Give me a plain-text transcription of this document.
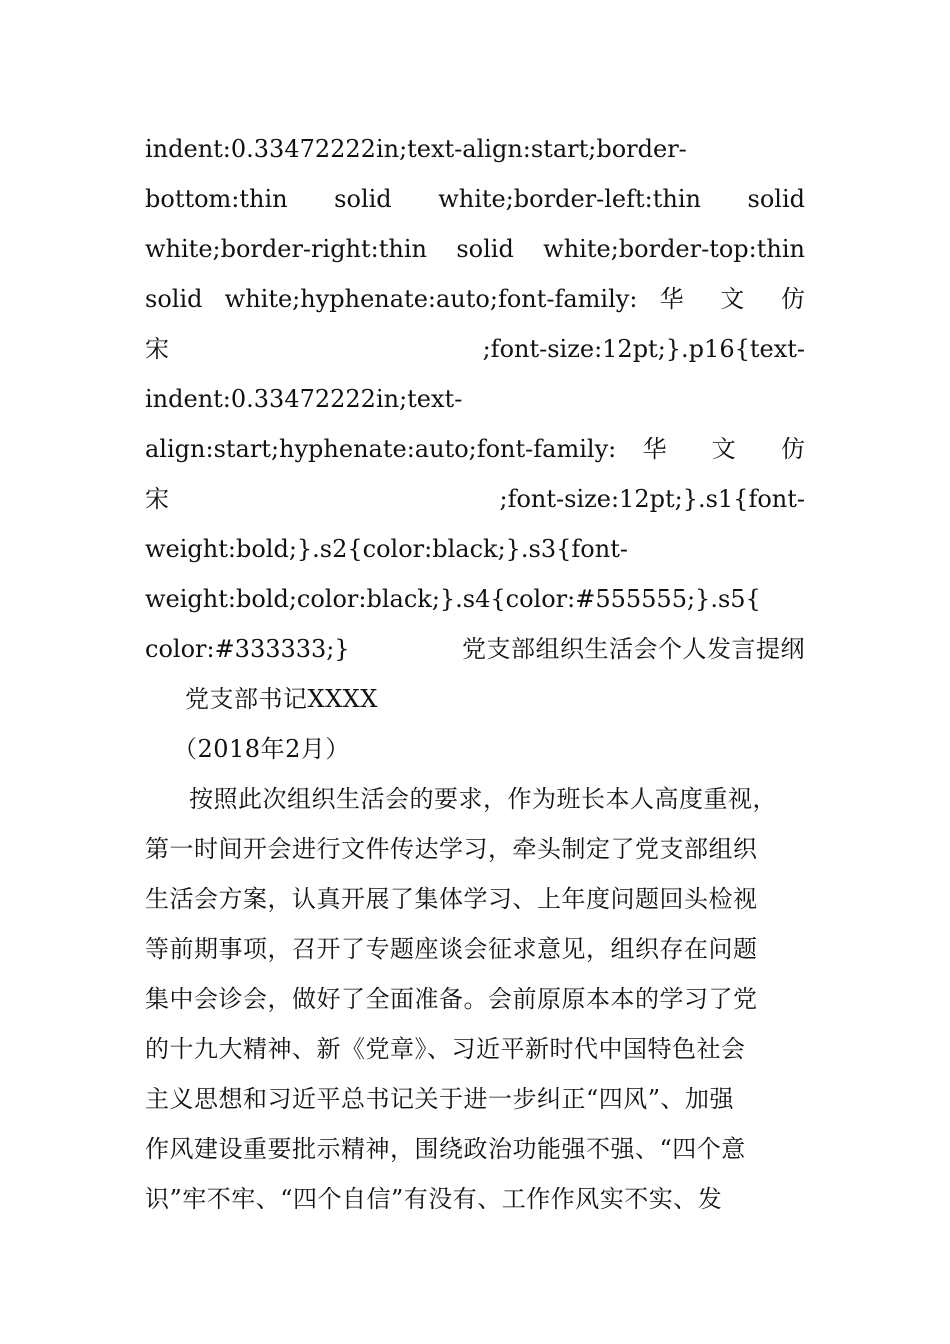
indent:0.33472222in;text-align:start;border-
bottom:thin solid white;border-left:thin solid
white;border-right:thin solid white;border-top:thin
solid white;hyphenate:auto;font-family: 华 文 仿
宋 ;font-size:12pt;}.p16{text-
indent:0.33472222in;text-
align:start;hyphenate:auto;font-family: 华 文 仿
宋 ;font-size:12pt;}.s1{font-
weight:bold;}.s2{color:black;}.s3{font-
weight:bold;color:black;}.s4{color:#555555;}.s5{
color:#333333;}	党支部组织生活会个人发言提纲
党支部书记XXXX
（2018年2月）
按照此次组织生活会的要求，作为班长本人高度重视，
第一时间开会进行文件传达学习，牵头制定了党支部组织
生活会方案，认真开展了集体学习、上年度问题回头检视
等前期事项，召开了专题座谈会征求意见，组织存在问题
集中会诊会，做好了全面准备。会前原原本本的学习了党
的十九大精神、新《党章》、习近平新时代中国特色社会
主义思想和习近平总书记关于进一步纠正“四风”、加强
作风建设重要批示精神，围绕政治功能强不强、“四个意
识”牢不牢、“四个自信”有没有、工作作风实不实、发
